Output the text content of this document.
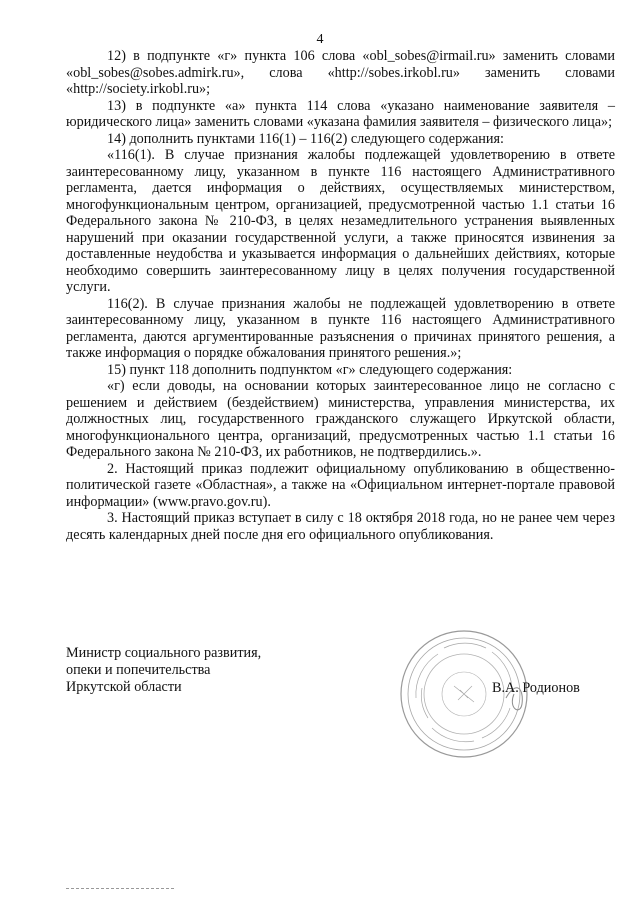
4

12) в подпункте «г» пункта 106 слова «obl_sobes@irmail.ru» заменить словами «obl_sobes@sobes.admirk.ru», слова «http://sobes.irkobl.ru» заменить словами «http://society.irkobl.ru»;

13) в подпункте «а» пункта 114 слова «указано наименование заявителя – юридического лица» заменить словами «указана фамилия заявителя – физического лица»;

14) дополнить пунктами 116(1) – 116(2) следующего содержания:

«116(1). В случае признания жалобы подлежащей удовлетворению в ответе заинтересованному лицу, указанном в пункте 116 настоящего Административного регламента, дается информация о действиях, осуществляемых министерством, многофункциональным центром, организацией, предусмотренной частью 1.1 статьи 16 Федерального закона № 210-ФЗ, в целях незамедлительного устранения выявленных нарушений при оказании государственной услуги, а также приносятся извинения за доставленные неудобства и указывается информация о дальнейших действиях, которые необходимо совершить заинтересованному лицу в целях получения государственной услуги.

116(2). В случае признания жалобы не подлежащей удовлетворению в ответе заинтересованному лицу, указанном в пункте 116 настоящего Административного регламента, даются аргументированные разъяснения о причинах принятого решения, а также информация о порядке обжалования принятого решения.»;

15) пункт 118 дополнить подпунктом «г» следующего содержания:

«г) если доводы, на основании которых заинтересованное лицо не согласно с решением и действием (бездействием) министерства, управления министерства, их должностных лиц, государственного гражданского служащего Иркутской области, многофункционального центра, организаций, предусмотренных частью 1.1 статьи 16 Федерального закона № 210-ФЗ, их работников, не подтвердились.».

2. Настоящий приказ подлежит официальному опубликованию в общественно-политической газете «Областная», а также на «Официальном интернет-портале правовой информации» (www.pravo.gov.ru).

3. Настоящий приказ вступает в силу с 18 октября 2018 года, но не ранее чем через десять календарных дней после дня его официального опубликования.

Министр социального развития,
опеки и попечительства
Иркутской области	В.А. Родионов
